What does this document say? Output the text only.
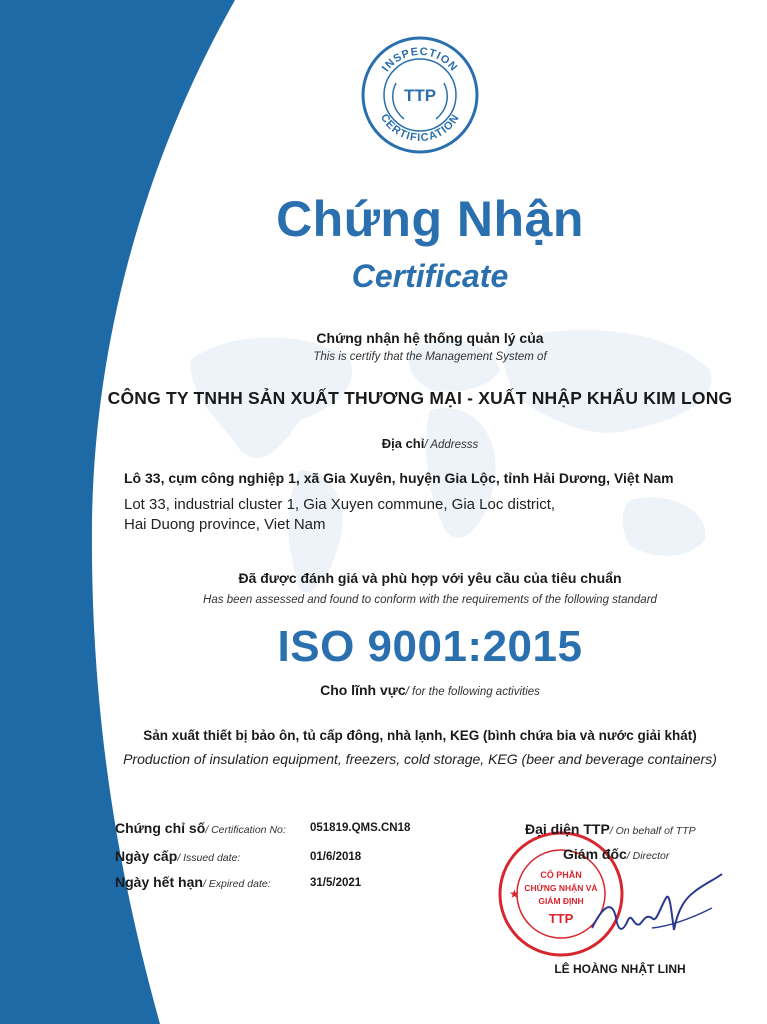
INSPECTION
CERTIFICATION
TTP
Chứng Nhận
Certificate
Chứng nhận hệ thống quản lý của
This is certify that the Management System of
CÔNG TY TNHH SẢN XUẤT THƯƠNG MẠI - XUẤT NHẬP KHẨU KIM LONG
Địa chỉ/ Addresss
Lô 33, cụm công nghiệp 1, xã Gia Xuyên, huyện Gia Lộc, tỉnh Hải Dương, Việt Nam
Lot 33, industrial cluster 1, Gia Xuyen commune, Gia Loc district,
Hai Duong province, Viet Nam
Đã được đánh giá và phù hợp với yêu cầu của tiêu chuẩn
Has been assessed and found to conform with the requirements of the following standard
ISO 9001:2015
Cho lĩnh vực/ for the following activities
Sản xuất thiết bị bảo ôn, tủ cấp đông, nhà lạnh, KEG (bình chứa bia và nước giải khát)
Production of insulation equipment, freezers, cold storage, KEG (beer and beverage containers)
Chứng chỉ số/ Certification No: 051819.QMS.CN18
Ngày cấp/ Issued date:	01/6/2018
Ngày hết hạn/ Expired date:	31/5/2021
CỔ PHẦN
CHỨNG NHẬN VÀ
GIÁM ĐỊNH
TTP
★
Đại diện TTP/ On behalf of TTP
Giám đốc/ Director
LÊ HOÀNG NHẬT LINH
